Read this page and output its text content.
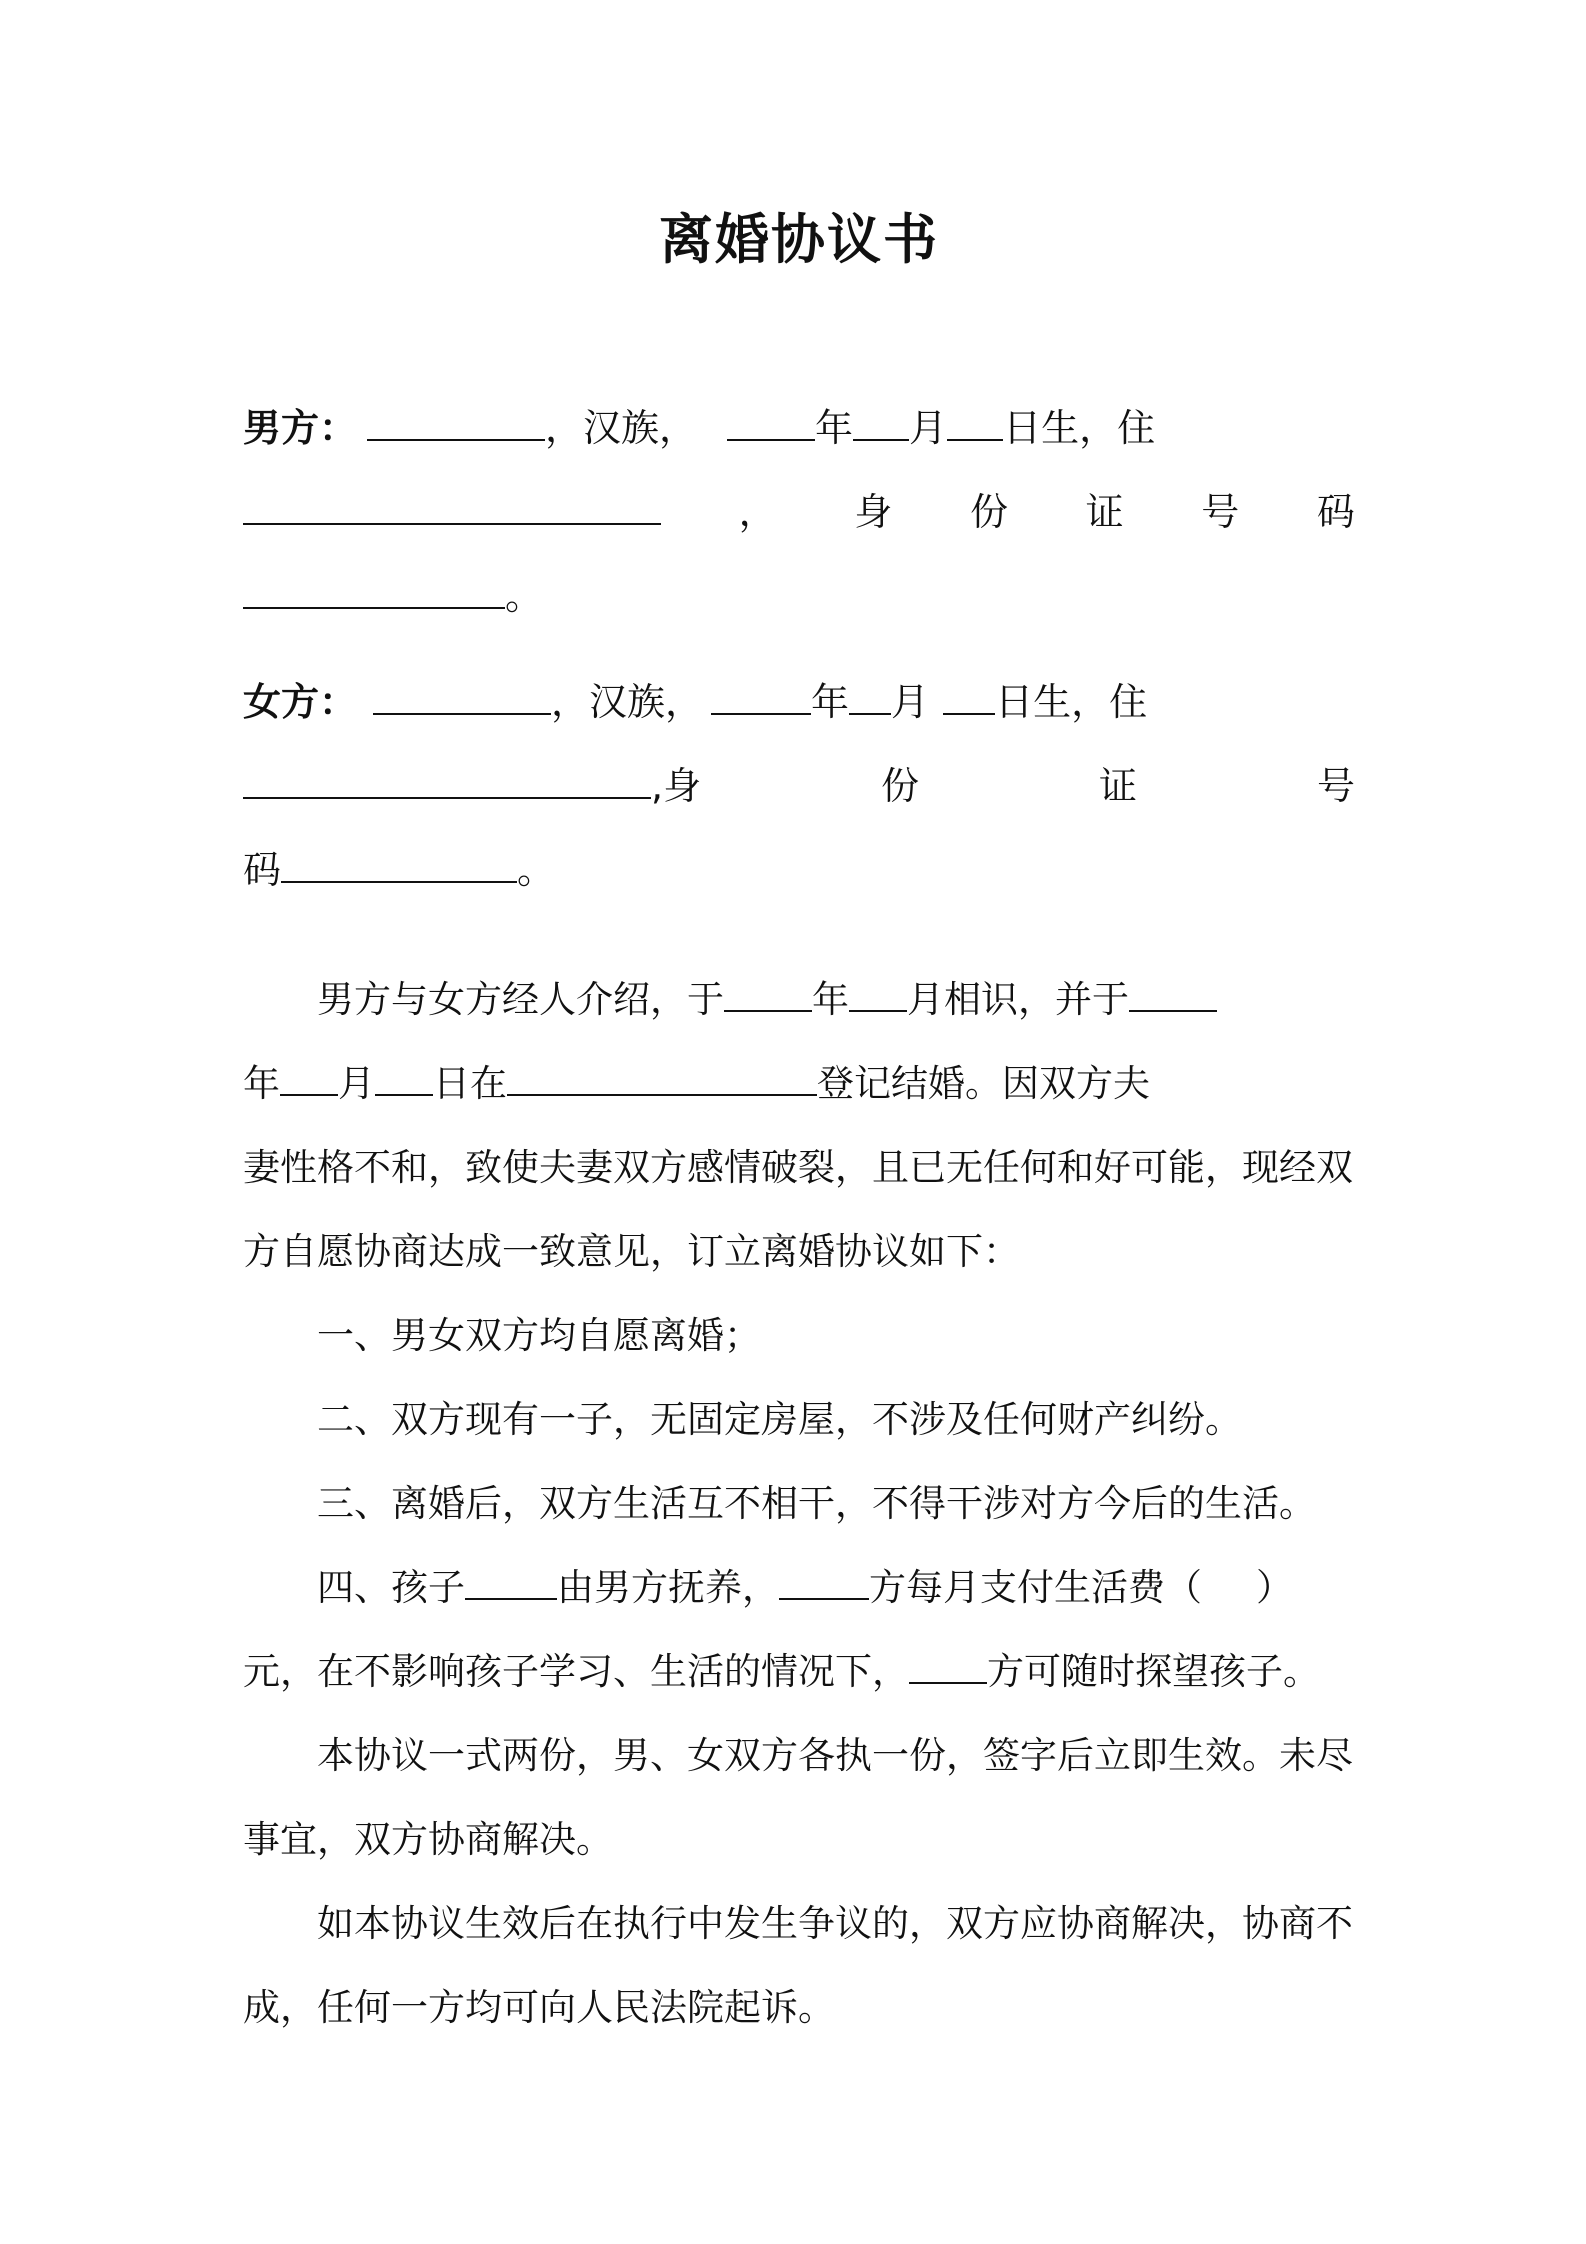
离婚协议书
男方：	，汉族，	年 月 日生，住
， 身 份 证 号 码
。
女方：	，汉族，	年 月 日生，住
,身	份	证	号
码	。
男方与女方经人介绍，于 年 月相识，并于
年 月 日在	登记结婚。因双方夫
妻性格不和，致使夫妻双方感情破裂，且已无任何和好可能，现经双
方自愿协商达成一致意见，订立离婚协议如下：
一、男女双方均自愿离婚；
二、双方现有一子，无固定房屋，不涉及任何财产纠纷。
三、离婚后，双方生活互不相干，不得干涉对方今后的生活。
四、孩子 由男方抚养， 方每月支付生活费（ ）
元，在不影响孩子学习、生活的情况下， 方可随时探望孩子。
本协议一式两份，男、女双方各执一份，签字后立即生效。未尽
事宜，双方协商解决。
如本协议生效后在执行中发生争议的，双方应协商解决，协商不
成，任何一方均可向人民法院起诉。
